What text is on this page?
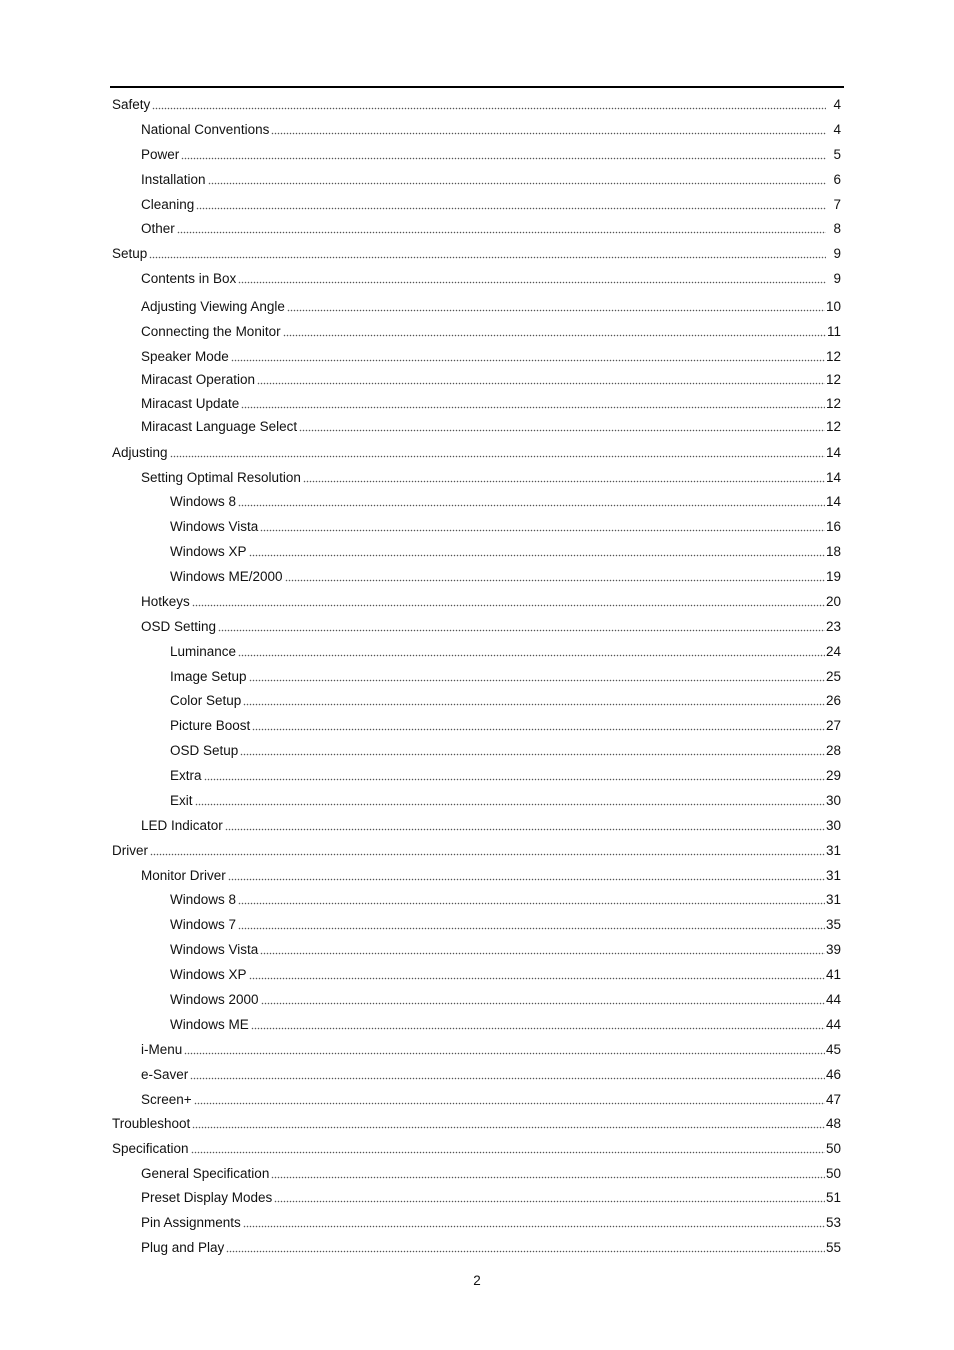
Safety	4
National Conventions	4
Power	5
Installation	6
Cleaning	7
Other	8
Setup	9
Contents in Box	9
Adjusting Viewing Angle	10
Connecting the Monitor	11
Speaker Mode	12
Miracast Operation	12
Miracast Update	12
Miracast Language Select	12
Adjusting	14
Setting Optimal Resolution	14
Windows 8	14
Windows Vista	16
Windows XP	18
Windows ME/2000	19
Hotkeys	20
OSD Setting	23
Luminance	24
Image Setup	25
Color Setup	26
Picture Boost	27
OSD Setup	28
Extra	29
Exit	30
LED Indicator	30
Driver	31
Monitor Driver	31
Windows 8	31
Windows 7	35
Windows Vista	39
Windows XP	41
Windows 2000	44
Windows ME	44
i-Menu	45
e-Saver	46
Screen+	47
Troubleshoot	48
Specification	50
General Specification	50
Preset Display Modes	51
Pin Assignments	53
Plug and Play	55
2
